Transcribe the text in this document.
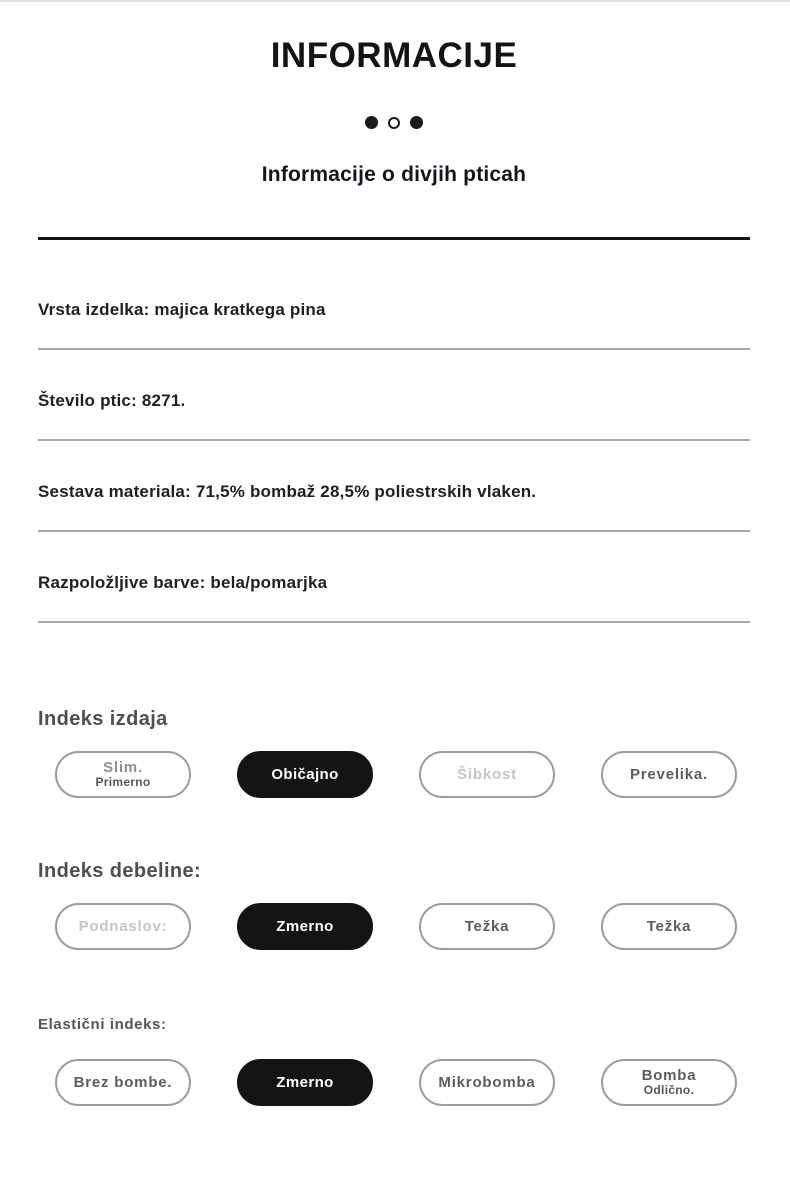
INFORMACIJE
Informacije o divjih pticah

Vrsta izdelka: majica kratkega pina

Število ptic: 8271.

Sestava materiala: 71,5% bombaž 28,5% poliestrskih vlaken.

Razpoložljive barve: bela/pomarjka

Indeks izdaja
Slim.
Primerno	Običajno	Šibkost	Prevelika.
Indeks debeline:
Podnaslov:	Zmerno	Težka	Težka
Elastični indeks:
Brez bombe.	Zmerno	Mikrobomba	Bomba
Odlično.
